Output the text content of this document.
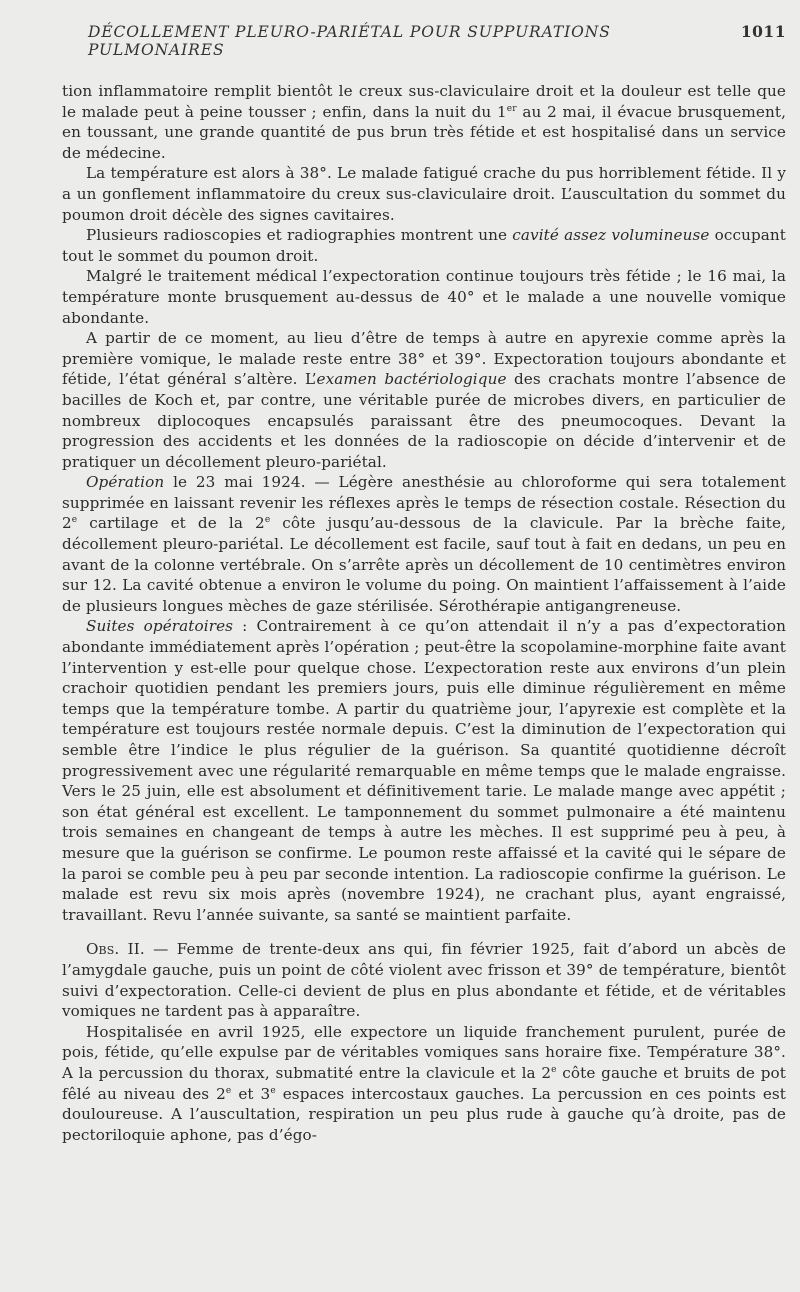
DÉCOLLEMENT PLEURO-PARIÉTAL POUR SUPPURATIONS PULMONAIRES
1011

tion inflammatoire remplit bientôt le creux sus-claviculaire droit et la douleur est telle que le malade peut à peine tousser ; enfin, dans la nuit du 1er au 2 mai, il évacue brusquement, en toussant, une grande quantité de pus brun très fétide et est hospitalisé dans un service de médecine.

La température est alors à 38°. Le malade fatigué crache du pus horriblement fétide. Il y a un gonflement inflammatoire du creux sus-claviculaire droit. L’auscultation du sommet du poumon droit décèle des signes cavitaires.

Plusieurs radioscopies et radiographies montrent une cavité assez volumineuse occupant tout le sommet du poumon droit.

Malgré le traitement médical l’expectoration continue toujours très fétide ; le 16 mai, la température monte brusquement au-dessus de 40° et le malade a une nouvelle vomique abondante.

A partir de ce moment, au lieu d’être de temps à autre en apyrexie comme après la première vomique, le malade reste entre 38° et 39°. Expectoration toujours abondante et fétide, l’état général s’altère. L’examen bactériologique des crachats montre l’absence de bacilles de Koch et, par contre, une véritable purée de microbes divers, en particulier de nombreux diplocoques encapsulés paraissant être des pneumocoques. Devant la progression des accidents et les données de la radioscopie on décide d’intervenir et de pratiquer un décollement pleuro-pariétal.

Opération le 23 mai 1924. — Légère anesthésie au chloroforme qui sera totalement supprimée en laissant revenir les réflexes après le temps de résection costale. Résection du 2e cartilage et de la 2e côte jusqu’au-dessous de la clavicule. Par la brèche faite, décollement pleuro-pariétal. Le décollement est facile, sauf tout à fait en dedans, un peu en avant de la colonne vertébrale. On s’arrête après un décollement de 10 centimètres environ sur 12. La cavité obtenue a environ le volume du poing. On maintient l’affaissement à l’aide de plusieurs longues mèches de gaze stérilisée. Sérothérapie antigangreneuse.

Suites opératoires : Contrairement à ce qu’on attendait il n’y a pas d’expectoration abondante immédiatement après l’opération ; peut-être la scopolamine-morphine faite avant l’intervention y est-elle pour quelque chose. L’expectoration reste aux environs d’un plein crachoir quotidien pendant les premiers jours, puis elle diminue régulièrement en même temps que la température tombe. A partir du quatrième jour, l’apyrexie est complète et la température est toujours restée normale depuis. C’est la diminution de l’expectoration qui semble être l’indice le plus régulier de la guérison. Sa quantité quotidienne décroît progressivement avec une régularité remarquable en même temps que le malade engraisse. Vers le 25 juin, elle est absolument et définitivement tarie. Le malade mange avec appétit ; son état général est excellent. Le tamponnement du sommet pulmonaire a été maintenu trois semaines en changeant de temps à autre les mèches. Il est supprimé peu à peu, à mesure que la guérison se confirme. Le poumon reste affaissé et la cavité qui le sépare de la paroi se comble peu à peu par seconde intention. La radioscopie confirme la guérison. Le malade est revu six mois après (novembre 1924), ne crachant plus, ayant engraissé, travaillant. Revu l’année suivante, sa santé se maintient parfaite.

Obs. II. — Femme de trente-deux ans qui, fin février 1925, fait d’abord un abcès de l’amygdale gauche, puis un point de côté violent avec frisson et 39° de température, bientôt suivi d’expectoration. Celle-ci devient de plus en plus abondante et fétide, et de véritables vomiques ne tardent pas à apparaître.

Hospitalisée en avril 1925, elle expectore un liquide franchement purulent, purée de pois, fétide, qu’elle expulse par de véritables vomiques sans horaire fixe. Température 38°. A la percussion du thorax, submatité entre la clavicule et la 2e côte gauche et bruits de pot fêlé au niveau des 2e et 3e espaces intercostaux gauches. La percussion en ces points est douloureuse. A l’auscultation, respiration un peu plus rude à gauche qu’à droite, pas de pectoriloquie aphone, pas d’égo-
